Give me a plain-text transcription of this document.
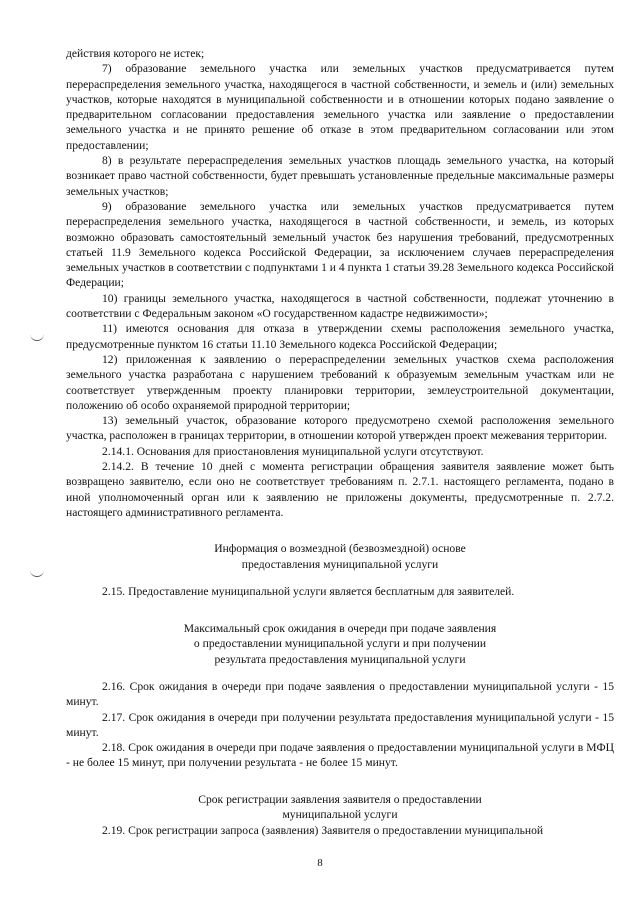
действия которого не истек;

7) образование земельного участка или земельных участков предусматривается путем перераспределения земельного участка, находящегося в частной собственности, и земель и (или) земельных участков, которые находятся в муниципальной собственности и в отношении которых подано заявление о предварительном согласовании предоставления земельного участка или заявление о предоставлении земельного участка и не принято решение об отказе в этом предварительном согласовании или этом предоставлении;

8) в результате перераспределения земельных участков площадь земельного участка, на который возникает право частной собственности, будет превышать установленные предельные максимальные размеры земельных участков;

9) образование земельного участка или земельных участков предусматривается путем перераспределения земельного участка, находящегося в частной собственности, и земель, из которых возможно образовать самостоятельный земельный участок без нарушения требований, предусмотренных статьей 11.9 Земельного кодекса Российской Федерации, за исключением случаев перераспределения земельных участков в соответствии с подпунктами 1 и 4 пункта 1 статьи 39.28 Земельного кодекса Российской Федерации;

10) границы земельного участка, находящегося в частной собственности, подлежат уточнению в соответствии с Федеральным законом «О государственном кадастре недвижимости»;

11) имеются основания для отказа в утверждении схемы расположения земельного участка, предусмотренные пунктом 16 статьи 11.10 Земельного кодекса Российской Федерации;

12) приложенная к заявлению о перераспределении земельных участков схема расположения земельного участка разработана с нарушением требований к образуемым земельным участкам или не соответствует утвержденным проекту планировки территории, землеустроительной документации, положению об особо охраняемой природной территории;

13) земельный участок, образование которого предусмотрено схемой расположения земельного участка, расположен в границах территории, в отношении которой утвержден проект межевания территории.

2.14.1. Основания для приостановления муниципальной услуги отсутствуют.

2.14.2. В течение 10 дней с момента регистрации обращения заявителя заявление может быть возвращено заявителю, если оно не соответствует требованиям п. 2.7.1. настоящего регламента, подано в иной уполномоченный орган или к заявлению не приложены документы, предусмотренные п. 2.7.2. настоящего административного регламента.

Информация о возмездной (безвозмездной) основе

предоставления муниципальной услуги

2.15. Предоставление муниципальной услуги является бесплатным для заявителей.

Максимальный срок ожидания в очереди при подаче заявления

о предоставлении муниципальной услуги и при получении

результата предоставления муниципальной услуги

2.16. Срок ожидания в очереди при подаче заявления о предоставлении муниципальной услуги - 15 минут.

2.17. Срок ожидания в очереди при получении результата предоставления муниципальной услуги - 15 минут.

2.18. Срок ожидания в очереди при подаче заявления о предоставлении муниципальной услуги в МФЦ - не более 15 минут, при получении результата - не более 15 минут.

Срок регистрации заявления заявителя о предоставлении

муниципальной услуги

2.19. Срок регистрации запроса (заявления) Заявителя о предоставлении муниципальной

8
